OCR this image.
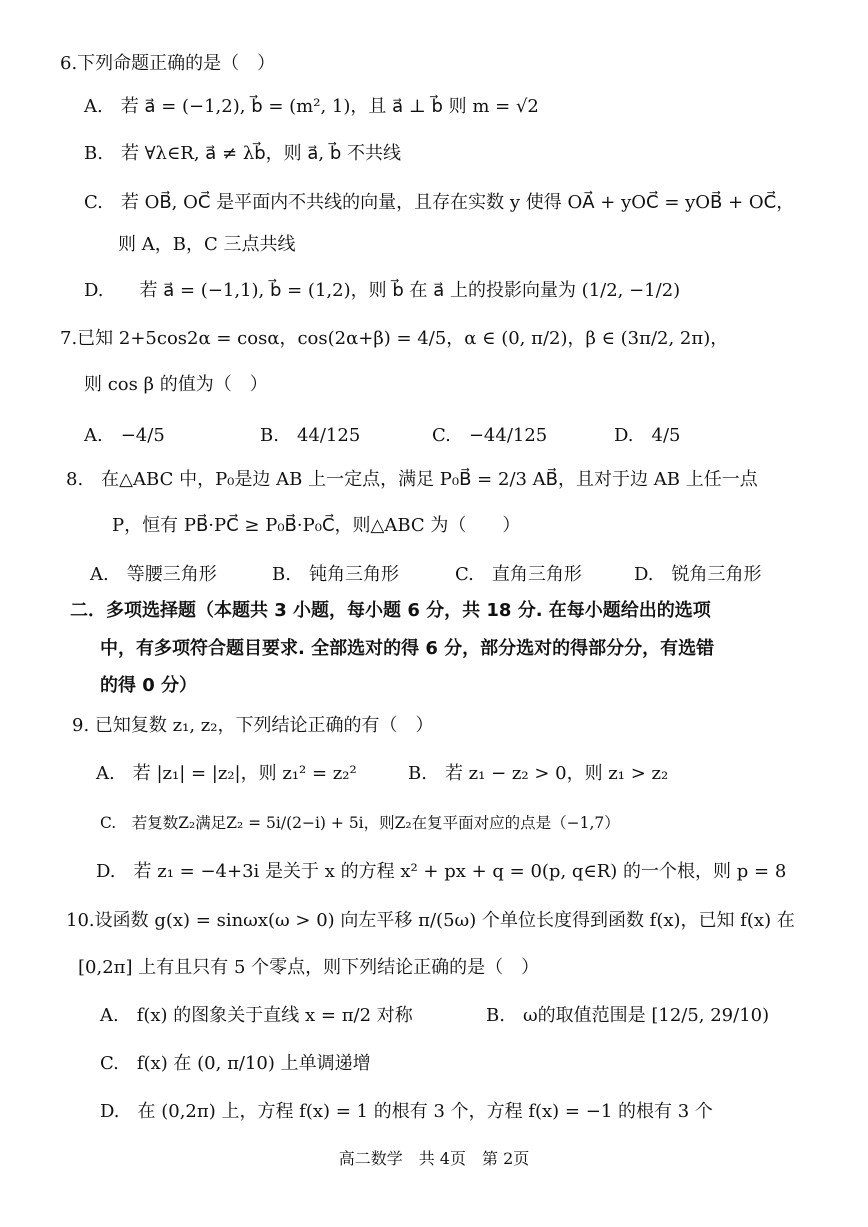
6.下列命题正确的是（　）
A.　若 a⃗ = (−1,2), b⃗ = (m², 1)，且 a⃗ ⊥ b⃗ 则 m = √2
B.　若 ∀λ∈R, a⃗ ≠ λb⃗，则 a⃗, b⃗ 不共线
C.　若 OB⃗, OC⃗ 是平面内不共线的向量，且存在实数 y 使得 OA⃗ + yOC⃗ = yOB⃗ + OC⃗，
则 A，B，C 三点共线
D.　　若 a⃗ = (−1,1), b⃗ = (1,2)，则 b⃗ 在 a⃗ 上的投影向量为 (1/2, −1/2)
7.已知 2+5cos2α = cosα，cos(2α+β) = 4/5，α ∈ (0, π/2)，β ∈ (3π/2, 2π)，
则 cos β 的值为（　）
A.　−4/5	B.　44/125	C.　−44/125	D.　4/5
8.　在△ABC 中，P₀是边 AB 上一定点，满足 P₀B⃗ = 2/3 AB⃗，且对于边 AB 上任一点
P，恒有 PB⃗·PC⃗ ≥ P₀B⃗·P₀C⃗，则△ABC 为（　　）
A.　等腰三角形	B.　钝角三角形	C.　直角三角形	D.　锐角三角形
二．多项选择题（本题共 3 小题，每小题 6 分，共 18 分. 在每小题给出的选项
中，有多项符合题目要求. 全部选对的得 6 分，部分选对的得部分分，有选错
的得 0 分）
9. 已知复数 z₁, z₂，下列结论正确的有（　）
A.　若 |z₁| = |z₂|，则 z₁² = z₂²	B.　若 z₁ − z₂ > 0，则 z₁ > z₂
C.　若复数Z₂满足Z₂ = 5i/(2−i) + 5i，则Z₂在复平面对应的点是（−1,7）
D.　若 z₁ = −4+3i 是关于 x 的方程 x² + px + q = 0(p, q∈R) 的一个根，则 p = 8
10.设函数 g(x) = sinωx(ω > 0) 向左平移 π/(5ω) 个单位长度得到函数 f(x)，已知 f(x) 在
[0,2π] 上有且只有 5 个零点，则下列结论正确的是（　）
A.　f(x) 的图象关于直线 x = π/2 对称	B.　ω的取值范围是 [12/5, 29/10)
C.　f(x) 在 (0, π/10) 上单调递增
D.　在 (0,2π) 上，方程 f(x) = 1 的根有 3 个，方程 f(x) = −1 的根有 3 个
高二数学　共 4页　第 2页
